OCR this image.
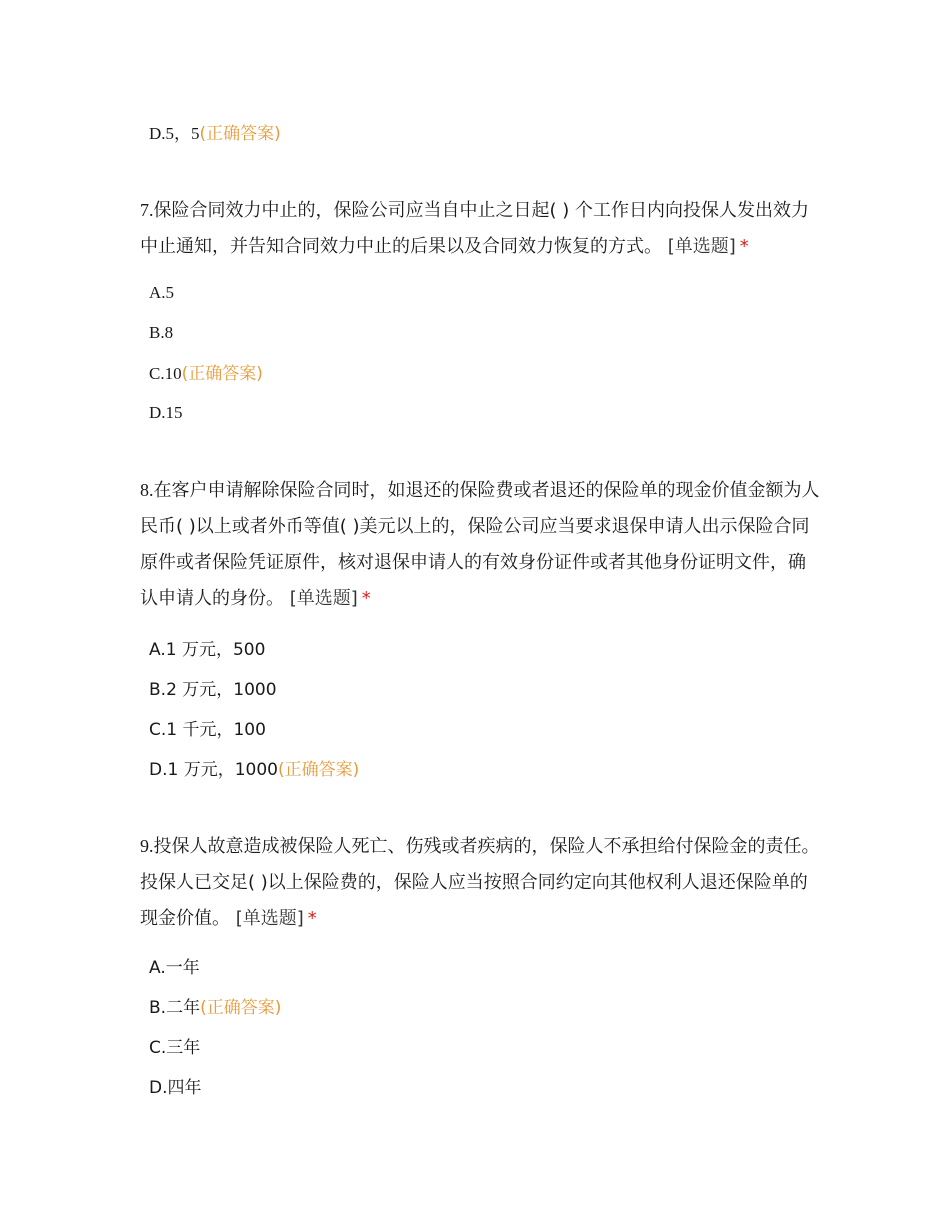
D.5，5(正确答案)
7.保险合同效力中止的，保险公司应当自中止之日起( ) 个工作日内向投保人发出效力中止通知，并告知合同效力中止的后果以及合同效力恢复的方式。 [单选题] *
A.5
B.8
C.10(正确答案)
D.15
8.在客户申请解除保险合同时，如退还的保险费或者退还的保险单的现金价值金额为人民币( )以上或者外币等值( )美元以上的，保险公司应当要求退保申请人出示保险合同原件或者保险凭证原件，核对退保申请人的有效身份证件或者其他身份证明文件，确认申请人的身份。 [单选题] *
A.1 万元，500
B.2 万元，1000
C.1 千元，100
D.1 万元，1000(正确答案)
9.投保人故意造成被保险人死亡、伤残或者疾病的，保险人不承担给付保险金的责任。投保人已交足( )以上保险费的，保险人应当按照合同约定向其他权利人退还保险单的现金价值。 [单选题] *
A.一年
B.二年(正确答案)
C.三年
D.四年
